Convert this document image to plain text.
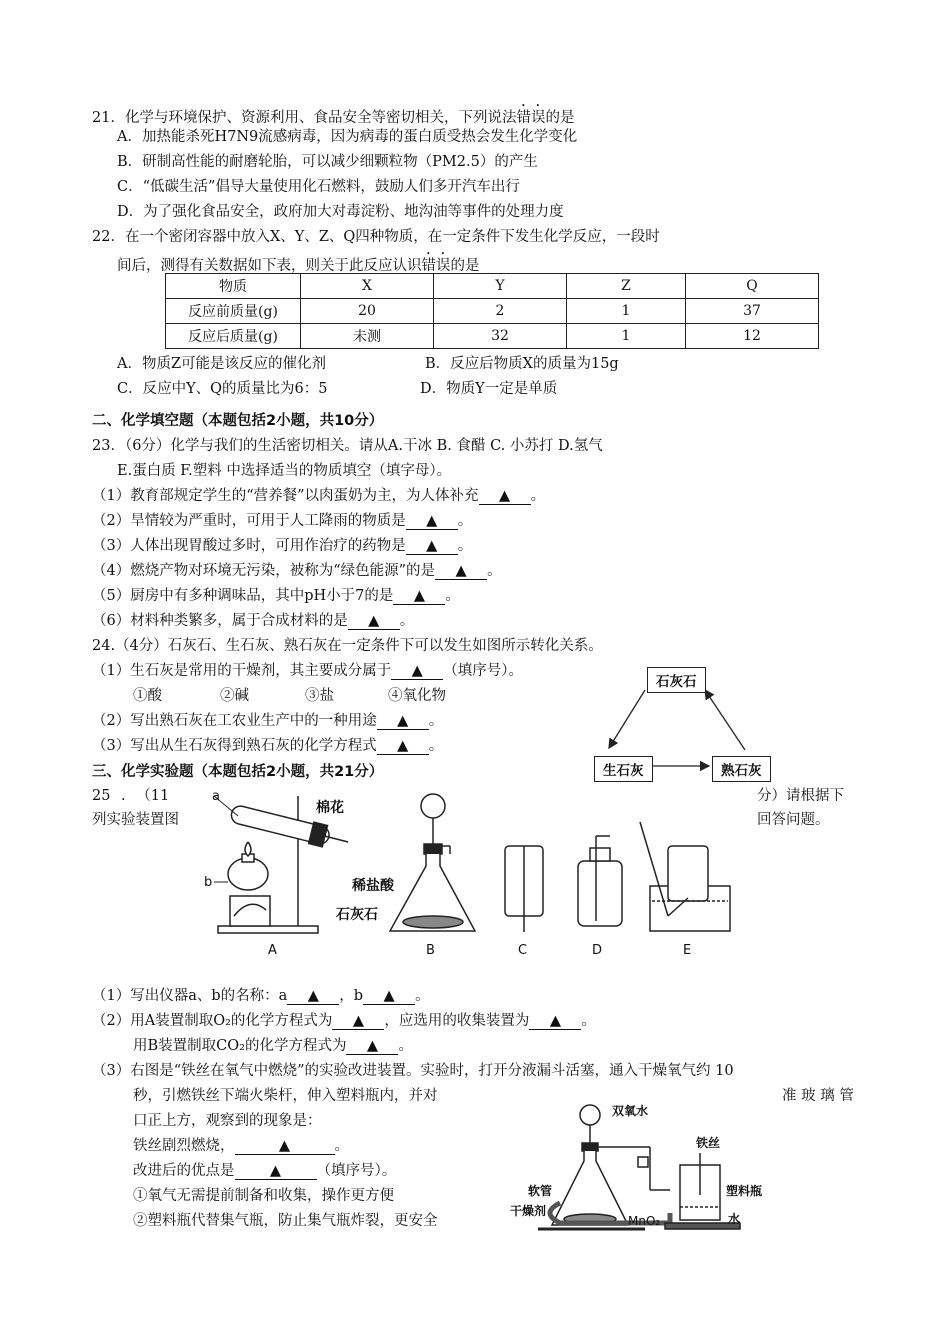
21．化学与环境保护、资源利用、食品安全等密切相关，下列说法错误的是
A．加热能杀死H7N9流感病毒，因为病毒的蛋白质受热会发生化学变化
B．研制高性能的耐磨轮胎，可以减少细颗粒物（PM2.5）的产生
C．“低碳生活”倡导大量使用化石燃料，鼓励人们多开汽车出行
D．为了强化食品安全，政府加大对毒淀粉、地沟油等事件的处理力度
22．在一个密闭容器中放入X、Y、Z、Q四种物质，在一定条件下发生化学反应，一段时
间后，测得有关数据如下表，则关于此反应认识错误的是
物质	X	Y	Z	Q
反应前质量(g)	20	2	1	37
反应后质量(g)	未测	32	1	12
A．物质Z可能是该反应的催化剂	B．反应后物质X的质量为15g
C．反应中Y、Q的质量比为6：5	D．物质Y一定是单质
二、化学填空题（本题包括2小题，共10分）
23．（6分）化学与我们的生活密切相关。请从A.干冰 B. 食醋 C. 小苏打 D.氢气
E.蛋白质 F.塑料 中选择适当的物质填空（填字母）。
（1）教育部规定学生的“营养餐”以肉蛋奶为主，为人体补充 ▲ 。
（2）旱情较为严重时，可用于人工降雨的物质是 ▲ 。
（3）人体出现胃酸过多时，可用作治疗的药物是 ▲ 。
（4）燃烧产物对环境无污染，被称为“绿色能源”的是 ▲ 。
（5）厨房中有多种调味品，其中pH小于7的是 ▲ 。
（6）材料种类繁多，属于合成材料的是 ▲ 。
24.（4分）石灰石、生石灰、熟石灰在一定条件下可以发生如图所示转化关系。
（1）生石灰是常用的干燥剂，其主要成分属于 ▲ （填序号）。
①酸	②碱	③盐	④氧化物
（2）写出熟石灰在工农业生产中的一种用途 ▲ 。
（3）写出从生石灰得到熟石灰的化学方程式 ▲ 。
石灰石
生石灰	熟石灰
三、化学实验题（本题包括2小题，共21分）
25 . （11
列实验装置图
分）请根据下
回答问题。
a
b
棉花
稀盐酸
石灰石
A	B	C	D	E
（1）写出仪器a、b的名称：a ▲ ，b ▲ 。
（2）用A装置制取O₂的化学方程式为 ▲ ，应选用的收集装置为 ▲ 。
用B装置制取CO₂的化学方程式为 ▲ 。
（3）右图是“铁丝在氧气中燃烧”的实验改进装置。实验时，打开分液漏斗活塞，通入干燥氧气约 10
秒，引燃铁丝下端火柴杆，伸入塑料瓶内，并对	准 玻 璃 管
口正上方，观察到的现象是：
铁丝剧烈燃烧，	▲	。
改进后的优点是 ▲ （填序号）。
①氧气无需提前制备和收集，操作更方便
②塑料瓶代替集气瓶，防止集气瓶炸裂，更安全
双氧水
铁丝
软管	塑料瓶
干燥剂
MnO₂	水
